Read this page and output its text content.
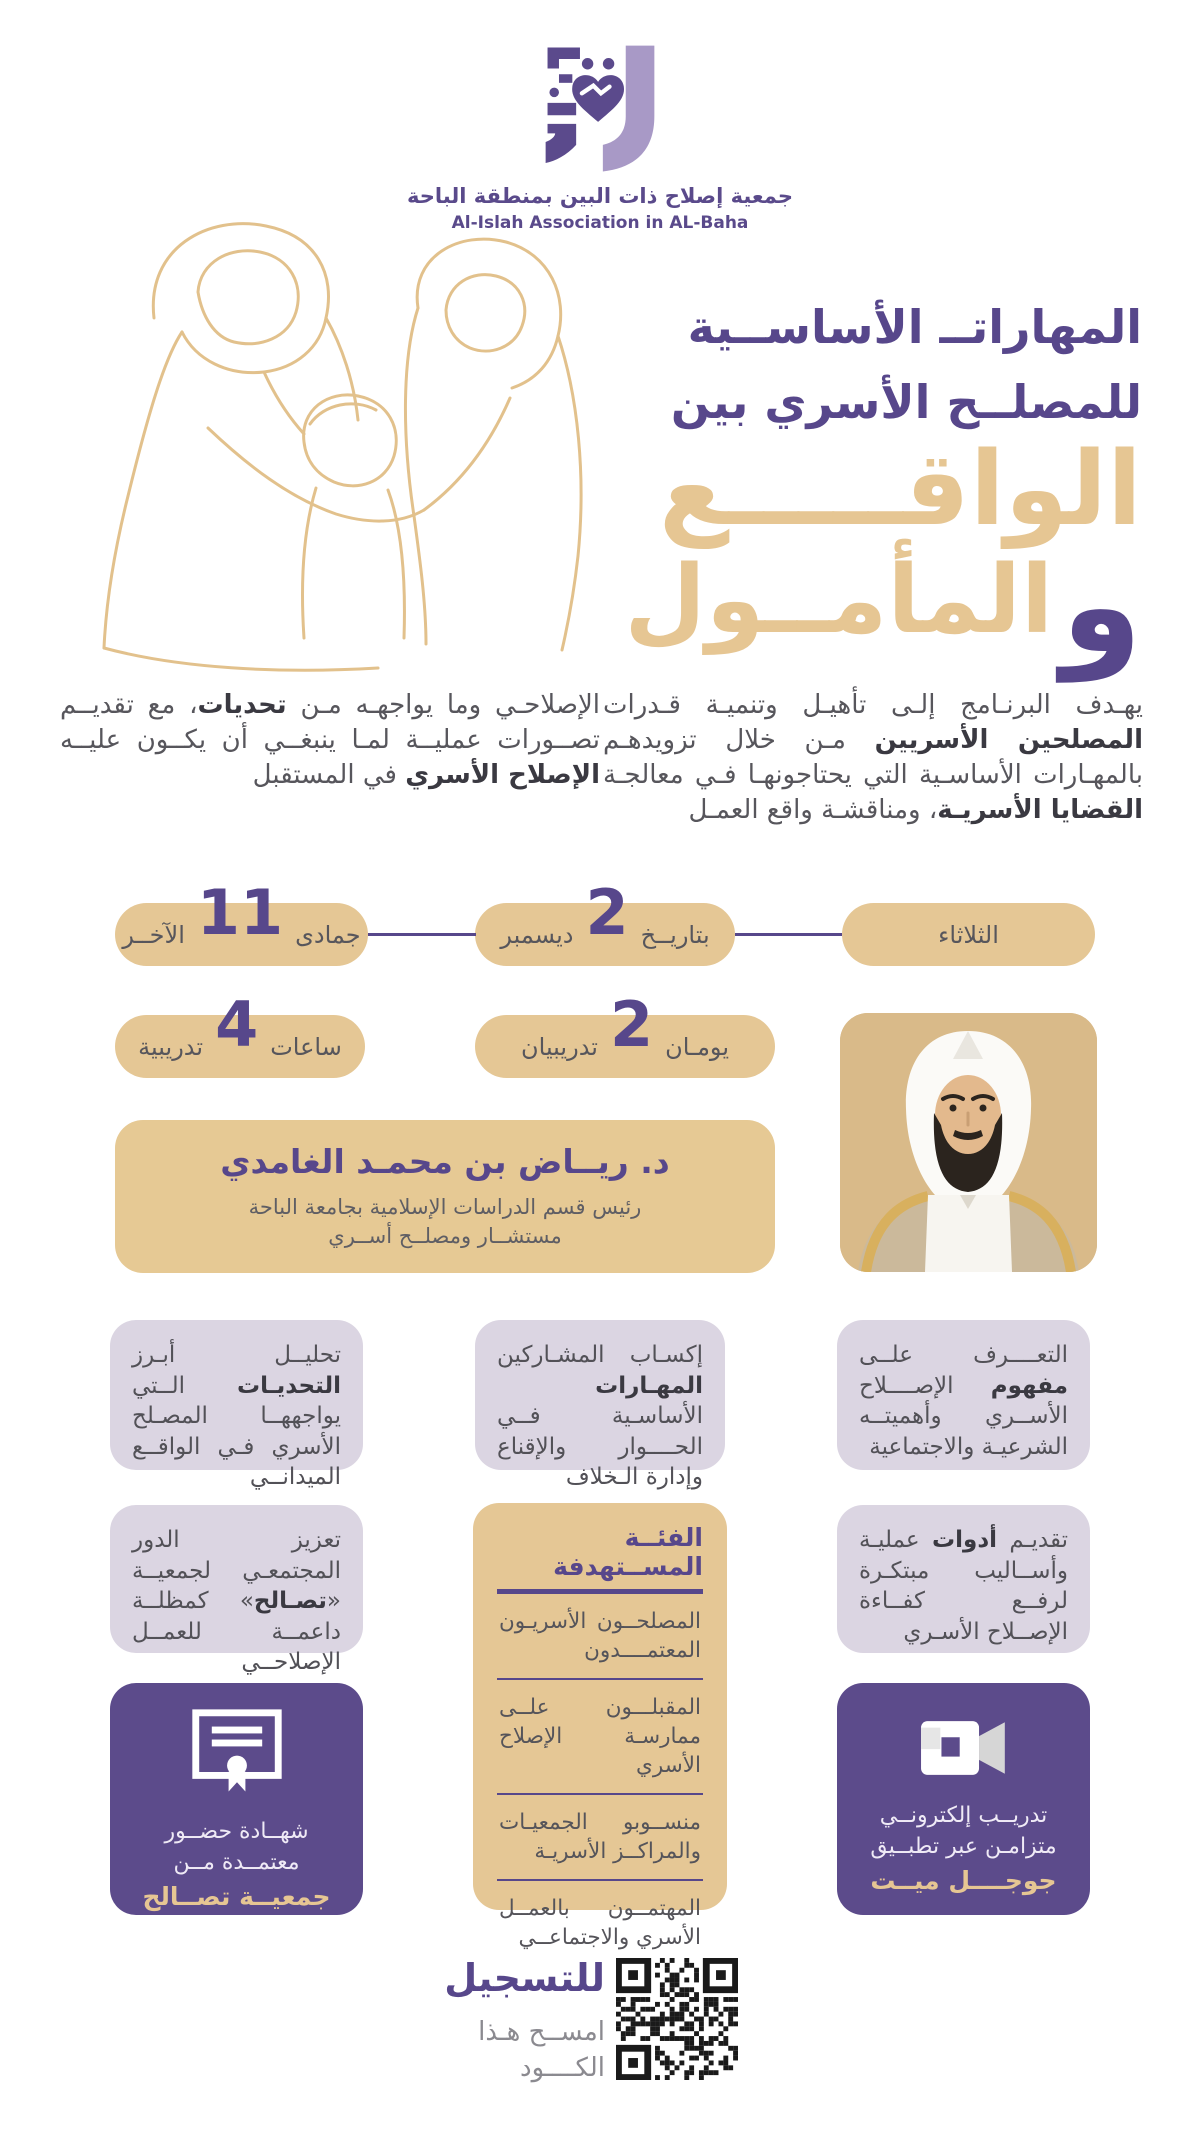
جمعية إصلاح ذات البين بمنطقة الباحة
Al-Islah Association in AL-Baha
المهاراتــ الأساســية
للمصلــح الأسري بين
الواقـــــع
و
المأمــول

يهـدف البرنـامج إلـى تأهيـل وتنميـة قـدرات المصلحين الأسريين مـن خلال تزويدهـم بالمهـارات الأساسـية التي يحتاجونهـا فـي معالجـة القضايا الأسريـة، ومناقشـة واقع العمـل

الإصلاحـي وما يواجهـه مـن تحديات، مع تقديــم تصــورات عمليــة لمـا ينبغــي أن يكــون عليــه الإصلاح الأسري في المستقبل

الثلاثاء
بتاريــخ
2
ديسمبر
جمادى
11
الآخــر
يومـان
2
تدريبيان
ساعات
4
تدريبية
د. ريــاض بن محمـد الغامدي
رئيس قسم الدراسات الإسلامية بجامعة الباحة
مستشــار ومصلــح أســري
التعــــرف علــى مفهوم الإصــــلاح الأســري وأهميتــه الشرعيـة والاجتماعية
إكسـاب المشـاركين المهـارات الأساسـية فــي الحــــوار والإقناع وإدارة الـخلاف
تحليــل أبـرز التحديـات الــتي يواجههــا المصـلح الأسري فـي الواقــع الميدانــي
تقديـم أدوات عمليـة وأســاليب مبتكـرة لرفــع كفــاءة الإصــلاح الأسـري
تعزيز الدور المجتمعـي لجمعيــة «تصـالح» كمظلــة داعمــة للعمــل الإصلاحــي
الفئــة المســتهدفة
المصلحــون الأسريـون المعتمــــدون
المقبلـــون علــى ممارسـة الإصلاح الأسري
منســوبو الجمعيـات والمراكــز الأسريـة
المهتمــون بالعمــل الأسري والاجتماعــي
تدريــب إلكترونــي
متزامـن عبر تطبــيق
جوجــــل ميــت
شهــادة حضــور
معتمــدة مــن
جمعيــة تصــالح
للتسجيل
امســح هـذا
الكــــود
